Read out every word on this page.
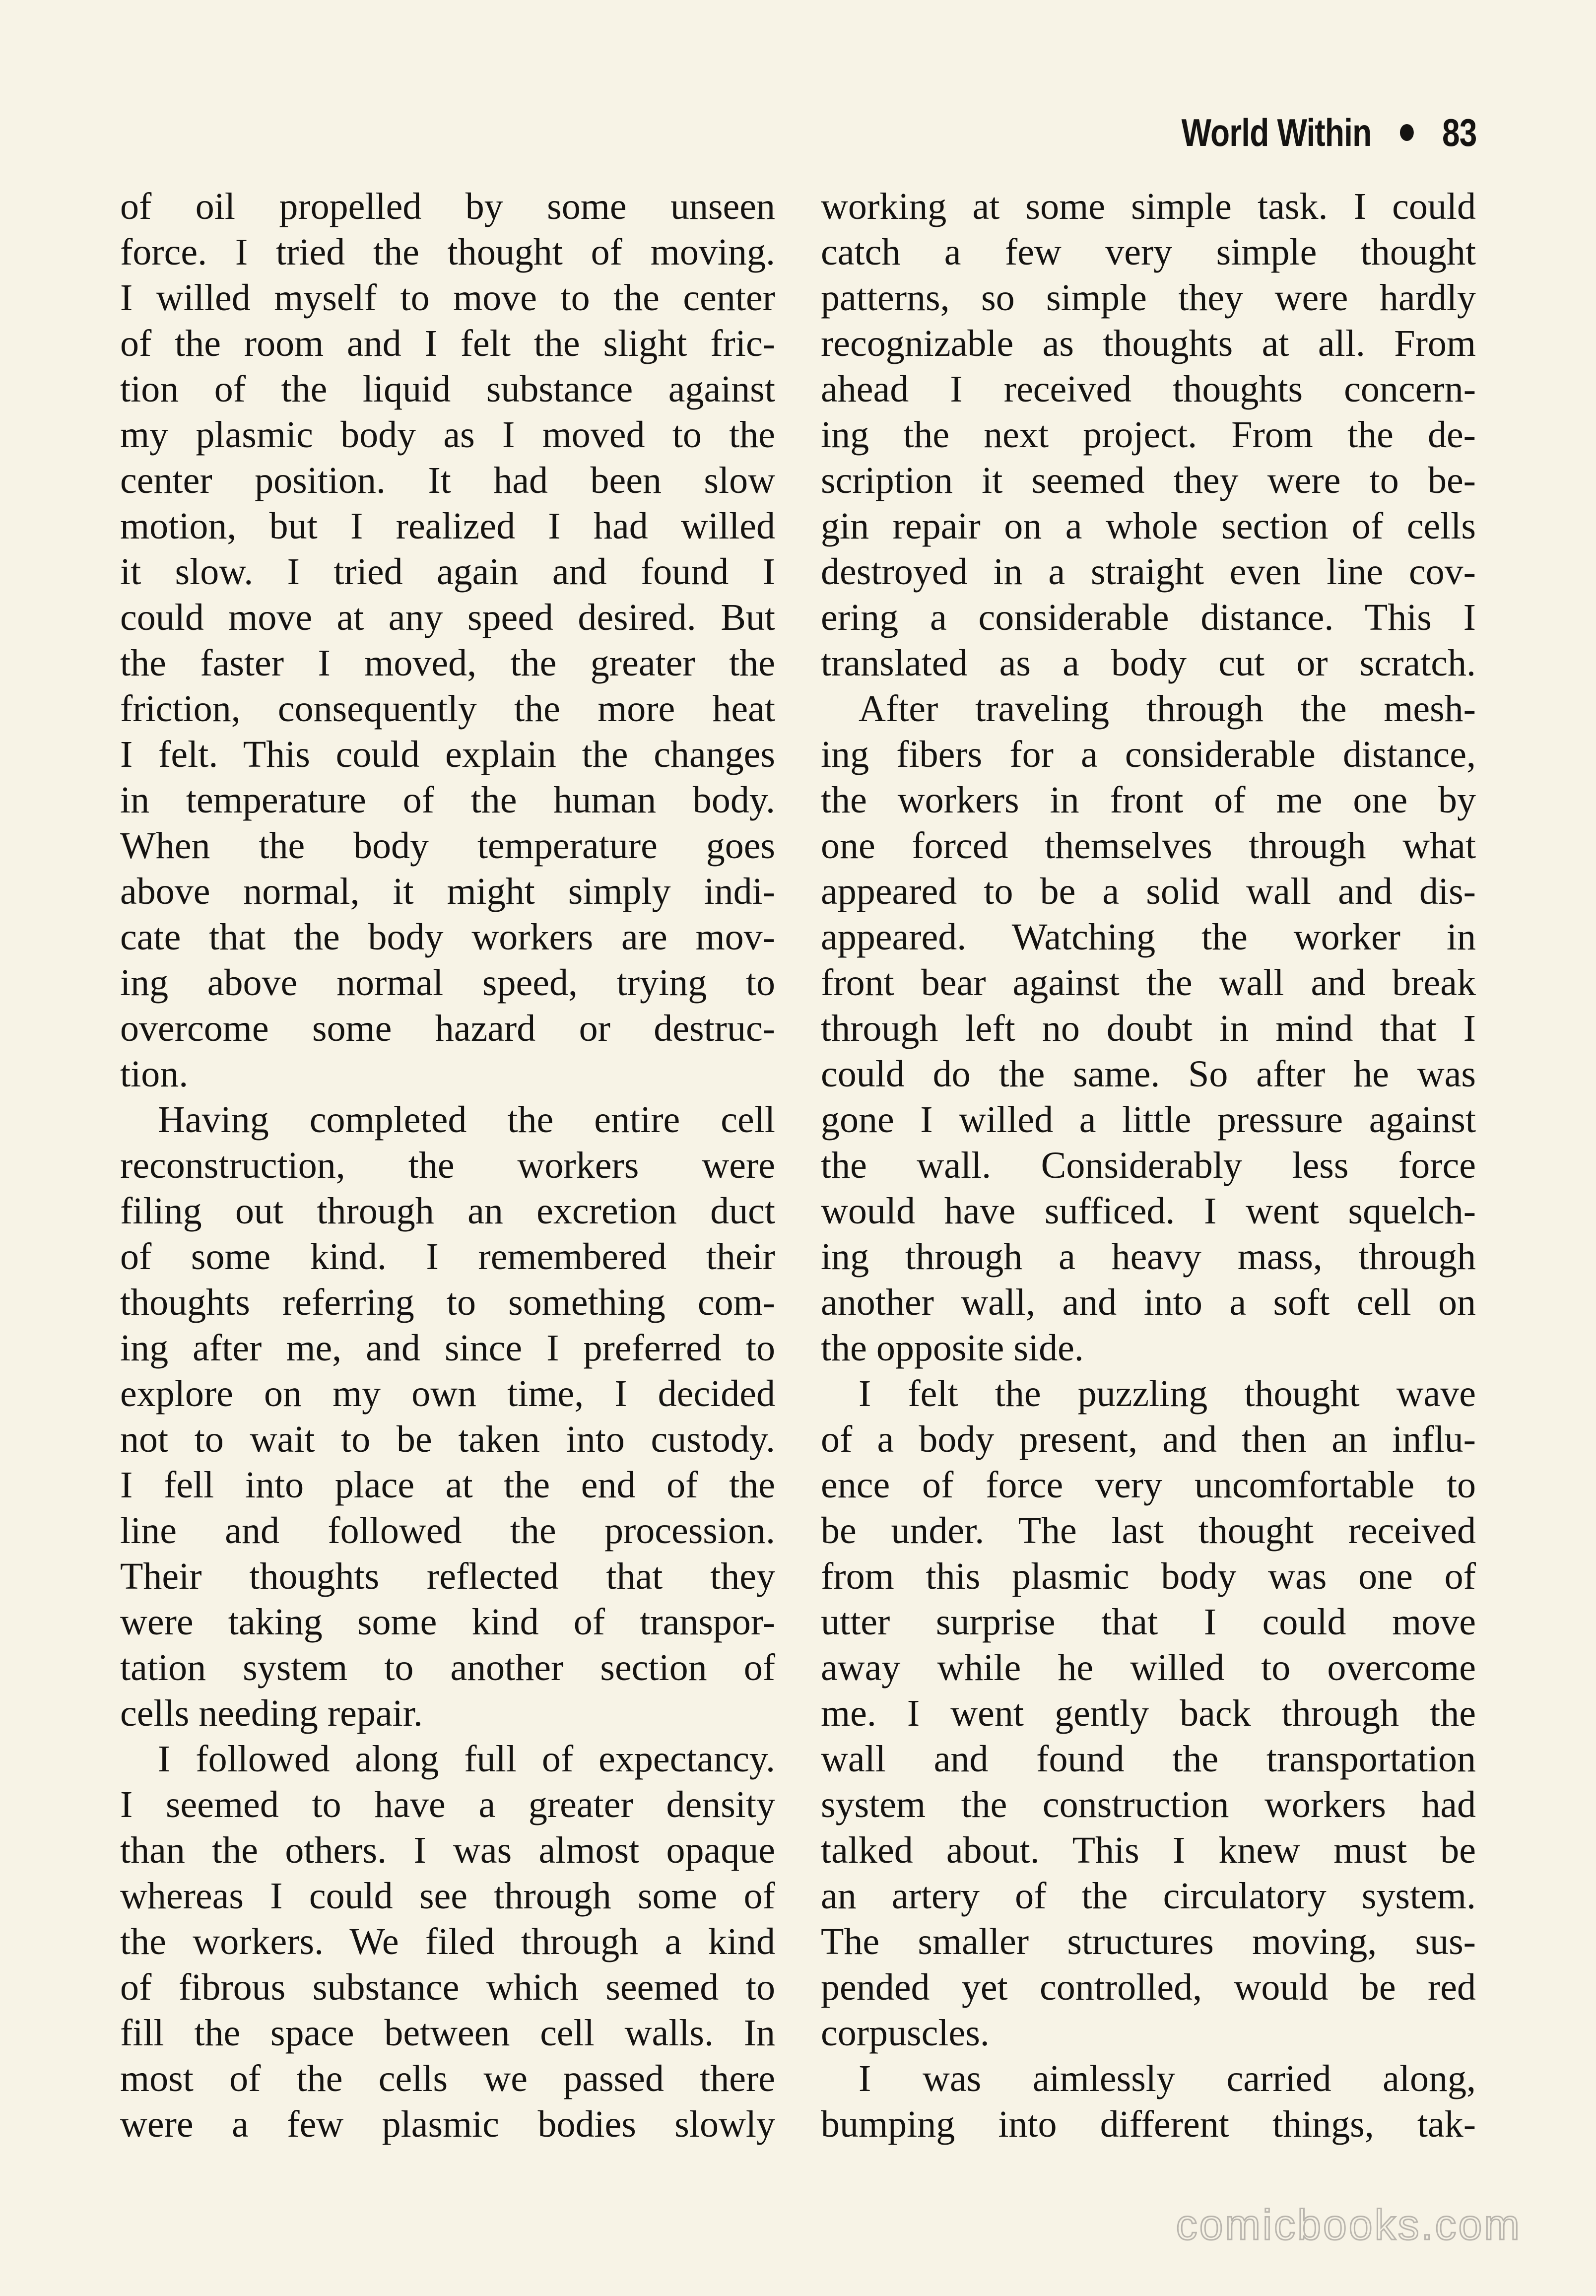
World Within 83
of oil propelled by some unseen
force. I tried the thought of moving.
I willed myself to move to the center
of the room and I felt the slight fric-
tion of the liquid substance against
my plasmic body as I moved to the
center position. It had been slow
motion, but I realized I had willed
it slow. I tried again and found I
could move at any speed desired. But
the faster I moved, the greater the
friction, consequently the more heat
I felt. This could explain the changes
in temperature of the human body.
When the body temperature goes
above normal, it might simply indi-
cate that the body workers are mov-
ing above normal speed, trying to
overcome some hazard or destruc-
tion.
Having completed the entire cell
reconstruction, the workers were
filing out through an excretion duct
of some kind. I remembered their
thoughts referring to something com-
ing after me, and since I preferred to
explore on my own time, I decided
not to wait to be taken into custody.
I fell into place at the end of the
line and followed the procession.
Their thoughts reflected that they
were taking some kind of transpor-
tation system to another section of
cells needing repair.
I followed along full of expectancy.
I seemed to have a greater density
than the others. I was almost opaque
whereas I could see through some of
the workers. We filed through a kind
of fibrous substance which seemed to
fill the space between cell walls. In
most of the cells we passed there
were a few plasmic bodies slowly
working at some simple task. I could
catch a few very simple thought
patterns, so simple they were hardly
recognizable as thoughts at all. From
ahead I received thoughts concern-
ing the next project. From the de-
scription it seemed they were to be-
gin repair on a whole section of cells
destroyed in a straight even line cov-
ering a considerable distance. This I
translated as a body cut or scratch.
After traveling through the mesh-
ing fibers for a considerable distance,
the workers in front of me one by
one forced themselves through what
appeared to be a solid wall and dis-
appeared. Watching the worker in
front bear against the wall and break
through left no doubt in mind that I
could do the same. So after he was
gone I willed a little pressure against
the wall. Considerably less force
would have sufficed. I went squelch-
ing through a heavy mass, through
another wall, and into a soft cell on
the opposite side.
I felt the puzzling thought wave
of a body present, and then an influ-
ence of force very uncomfortable to
be under. The last thought received
from this plasmic body was one of
utter surprise that I could move
away while he willed to overcome
me. I went gently back through the
wall and found the transportation
system the construction workers had
talked about. This I knew must be
an artery of the circulatory system.
The smaller structures moving, sus-
pended yet controlled, would be red
corpuscles.
I was aimlessly carried along,
bumping into different things, tak-
comicbooks.com
